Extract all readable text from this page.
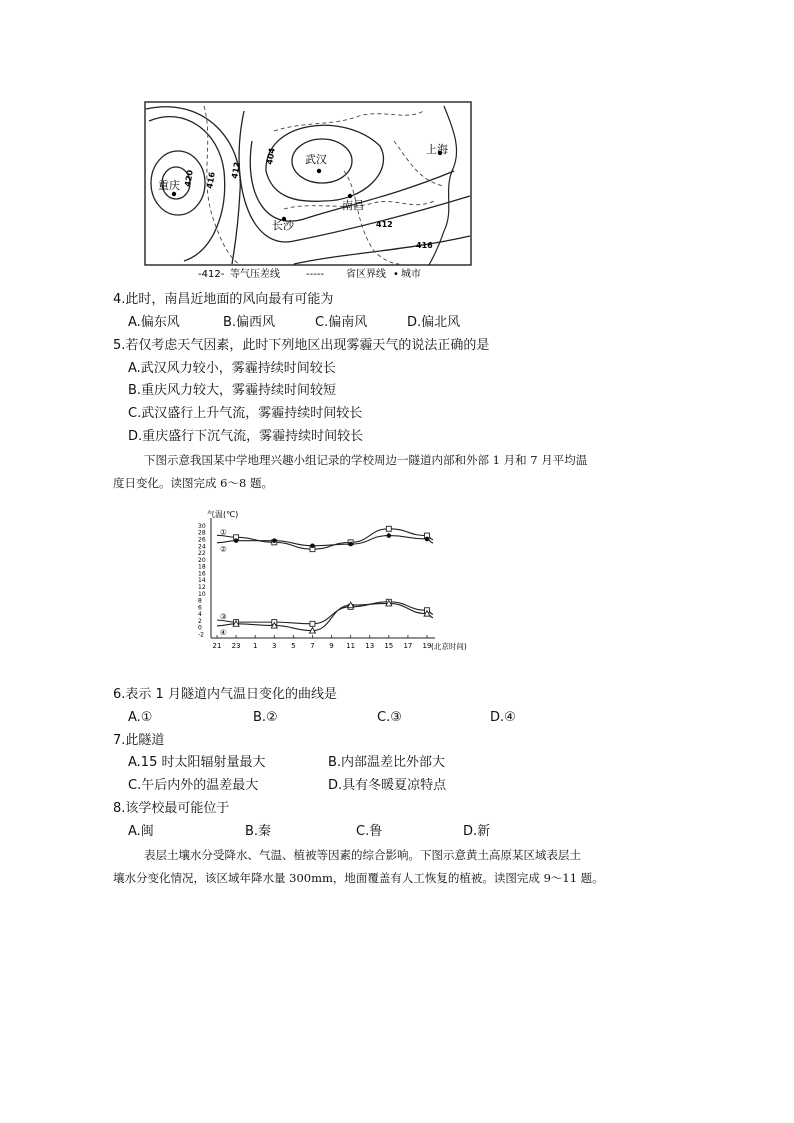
重庆
武汉
上海
南昌
长沙
420 416
412
404
412
416
-412- 等气压差线	----- 省区界线 • 城市
4.此时，南昌近地面的风向最有可能为
A.偏东风	B.偏西风	C.偏南风	D.偏北风
5.若仅考虑天气因素，此时下列地区出现雾霾天气的说法正确的是
A.武汉风力较小，雾霾持续时间较长
B.重庆风力较大，雾霾持续时间较短
C.武汉盛行上升气流，雾霾持续时间较长
D.重庆盛行下沉气流，雾霾持续时间较长
下图示意我国某中学地理兴趣小组记录的学校周边一隧道内部和外部 1 月和 7 月平均温
度日变化。读图完成 6～8 题。
气温(℃)
(北京时间)
30
28
26
24
22
20
18
16
14
12
10
8
6
4
2
0
-2
21 23 1 3 5 7 9 11 13 15 17 19
①
②
③
④
6.表示 1 月隧道内气温日变化的曲线是
A.①	B.②	C.③	D.④
7.此隧道
A.15 时太阳辐射量最大	B.内部温差比外部大
C.午后内外的温差最大	D.具有冬暖夏凉特点
8.该学校最可能位于
A.闽	B.秦	C.鲁	D.新
表层土壤水分受降水、气温、植被等因素的综合影响。下图示意黄土高原某区域表层土
壤水分变化情况，该区域年降水量 300mm，地面覆盖有人工恢复的植被。读图完成 9～11 题。
